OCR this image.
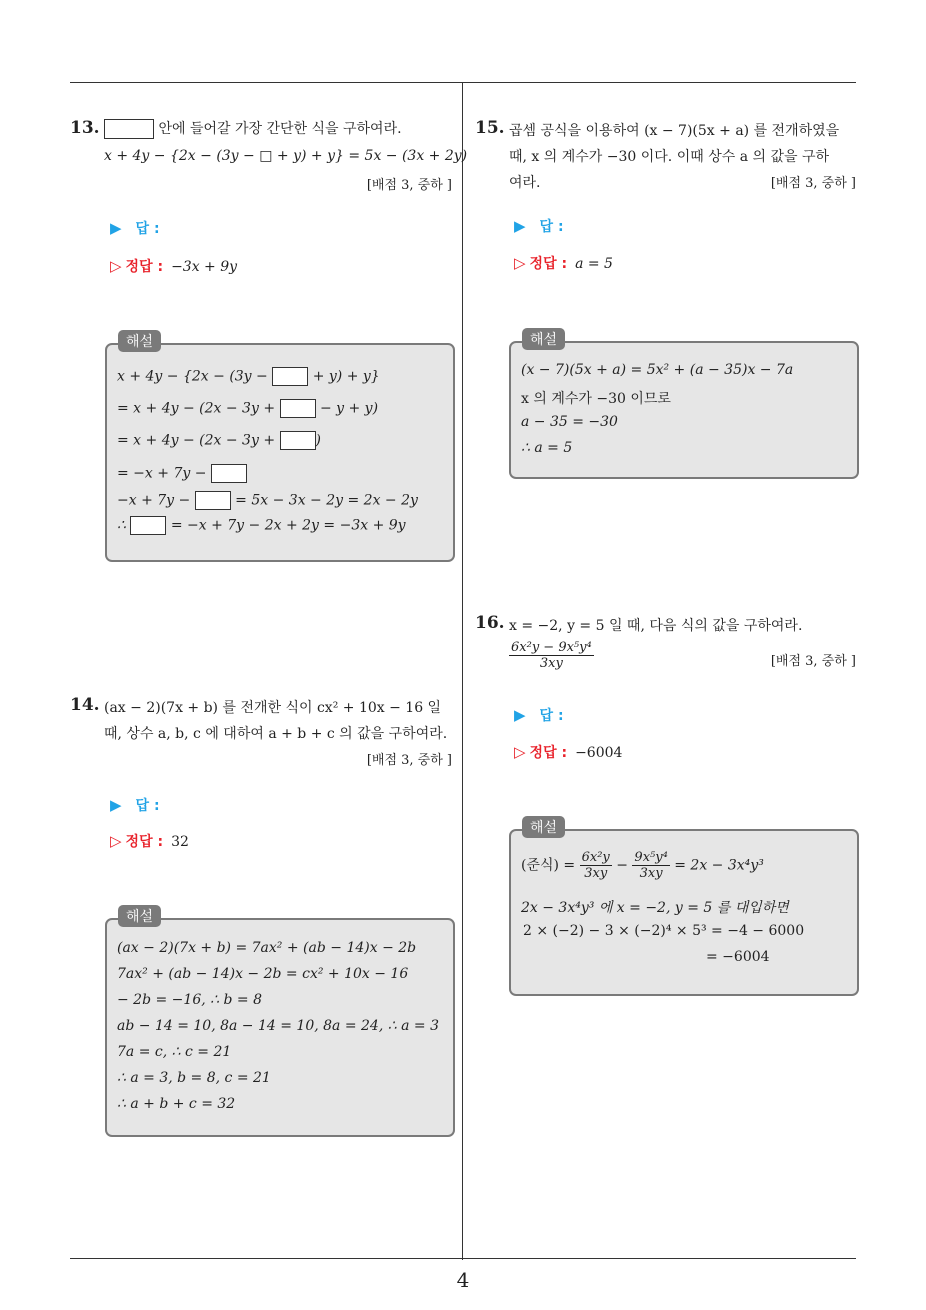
4
13.	안에 들어갈 가장 간단한 식을 구하여라.
x + 4y − {2x − (3y − □ + y) + y} = 5x − (3x + 2y)
[배점 3, 중하 ]
▶ 답 :
▷ 정답 : −3x + 9y
해설
x + 4y − {2x − (3y −	+ y) + y}
= x + 4y − (2x − 3y +	− y + y)
= x + 4y − (2x − 3y +	)
= −x + 7y −
−x + 7y −	= 5x − 3x − 2y = 2x − 2y
∴	= −x + 7y − 2x + 2y = −3x + 9y
14. (ax − 2)(7x + b) 를 전개한 식이 cx² + 10x − 16 일
때, 상수 a, b, c 에 대하여 a + b + c 의 값을 구하여라.
[배점 3, 중하 ]
▶ 답 :
▷ 정답 : 32
해설
(ax − 2)(7x + b) = 7ax² + (ab − 14)x − 2b
7ax² + (ab − 14)x − 2b = cx² + 10x − 16
− 2b = −16, ∴ b = 8
ab − 14 = 10, 8a − 14 = 10, 8a = 24, ∴ a = 3
7a = c, ∴ c = 21
∴ a = 3, b = 8, c = 21
∴ a + b + c = 32
15. 곱셈 공식을 이용하여 (x − 7)(5x + a) 를 전개하였을
때, x 의 계수가 −30 이다. 이때 상수 a 의 값을 구하
여라.	[배점 3, 중하 ]
▶ 답 :
▷ 정답 : a = 5
해설
(x − 7)(5x + a) = 5x² + (a − 35)x − 7a
x 의 계수가 −30 이므로
a − 35 = −30
∴ a = 5
16. x = −2, y = 5 일 때, 다음 식의 값을 구하여라.
$\frac{\text{6x²y − 9x⁵y⁴}}{3xy}$	[배점 3, 중하 ]
▶ 답 :
▷ 정답 : −6004
해설
(준식) = $\frac{\text{6x²y}}{3xy} - \frac{\text{9x⁵y⁴}}{3xy} = 2x - 3x^4y^3$
2x − 3x⁴y³ 에 x = −2, y = 5 를 대입하면
2 × (−2) − 3 × (−2)⁴ × 5³ = −4 − 6000
= −6004
